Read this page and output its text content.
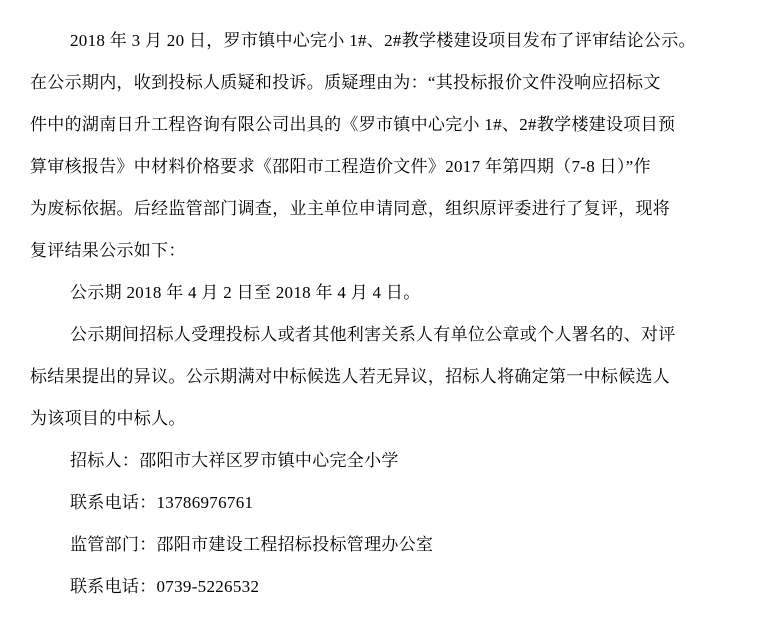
2018 年 3 月 20 日，罗市镇中心完小 1#、2#教学楼建设项目发布了评审结论公示。
在公示期内，收到投标人质疑和投诉。质疑理由为：“其投标报价文件没响应招标文
件中的湖南日升工程咨询有限公司出具的《罗市镇中心完小 1#、2#教学楼建设项目预
算审核报告》中材料价格要求《邵阳市工程造价文件》2017 年第四期（7-8 日）”作
为废标依据。后经监管部门调查，业主单位申请同意，组织原评委进行了复评，现将
复评结果公示如下：
公示期 2018 年 4 月 2 日至 2018 年 4 月 4 日。
公示期间招标人受理投标人或者其他利害关系人有单位公章或个人署名的、对评
标结果提出的异议。公示期满对中标候选人若无异议，招标人将确定第一中标候选人
为该项目的中标人。
招标人：邵阳市大祥区罗市镇中心完全小学
联系电话：13786976761
监管部门：邵阳市建设工程招标投标管理办公室
联系电话：0739-5226532
